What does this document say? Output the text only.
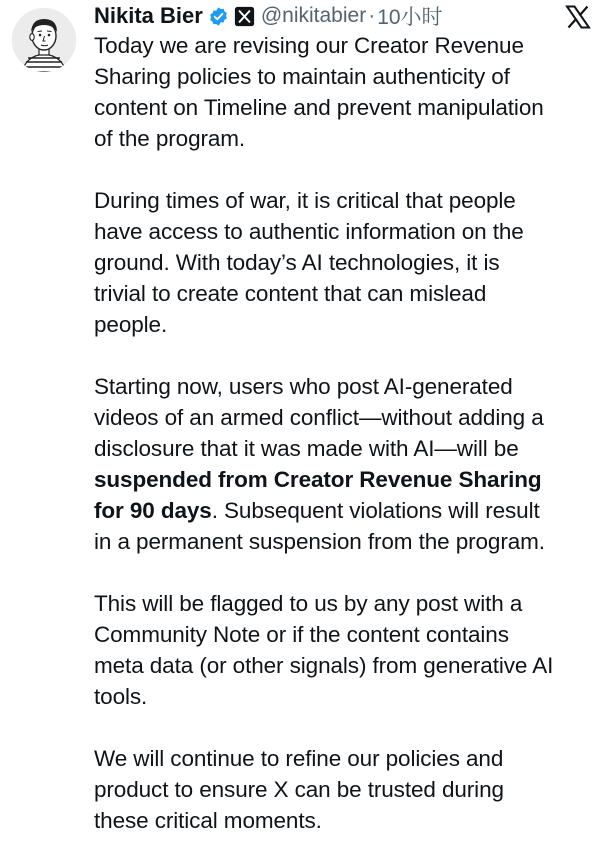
Nikita Bier	@nikitabier · 10小时

Today we are revising our Creator Revenue
Sharing policies to maintain authenticity of
content on Timeline and prevent manipulation
of the program.

During times of war, it is critical that people
have access to authentic information on the
ground. With today’s AI technologies, it is
trivial to create content that can mislead
people.

Starting now, users who post AI-generated
videos of an armed conflict—without adding a
disclosure that it was made with AI—will be
suspended from Creator Revenue Sharing
for 90 days. Subsequent violations will result
in a permanent suspension from the program.

This will be flagged to us by any post with a
Community Note or if the content contains
meta data (or other signals) from generative AI
tools.

We will continue to refine our policies and
product to ensure X can be trusted during
these critical moments.
